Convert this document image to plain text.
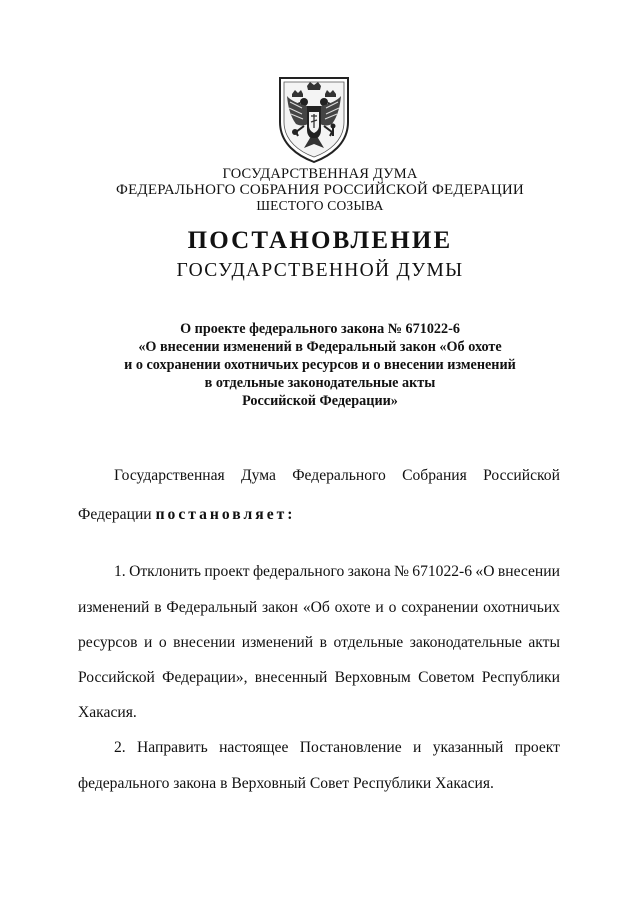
ГОСУДАРСТВЕННАЯ ДУМА
ФЕДЕРАЛЬНОГО СОБРАНИЯ РОССИЙСКОЙ ФЕДЕРАЦИИ
ШЕСТОГО СОЗЫВА
ПОСТАНОВЛЕНИЕ
ГОСУДАРСТВЕННОЙ ДУМЫ
О проекте федерального закона № 671022-6
«О внесении изменений в Федеральный закон «Об охоте
и о сохранении охотничьих ресурсов и о внесении изменений
в отдельные законодательные акты
Российской Федерации»
Государственная Дума Федерального Собрания Российской
Федерации постановляет:
1. Отклонить проект федерального закона № 671022-6 «О внесении
изменений в Федеральный закон «Об охоте и о сохранении охотничьих
ресурсов и о внесении изменений в отдельные законодательные акты
Российской Федерации», внесенный Верховным Советом Республики
Хакасия.
2. Направить настоящее Постановление и указанный проект
федерального закона в Верховный Совет Республики Хакасия.
